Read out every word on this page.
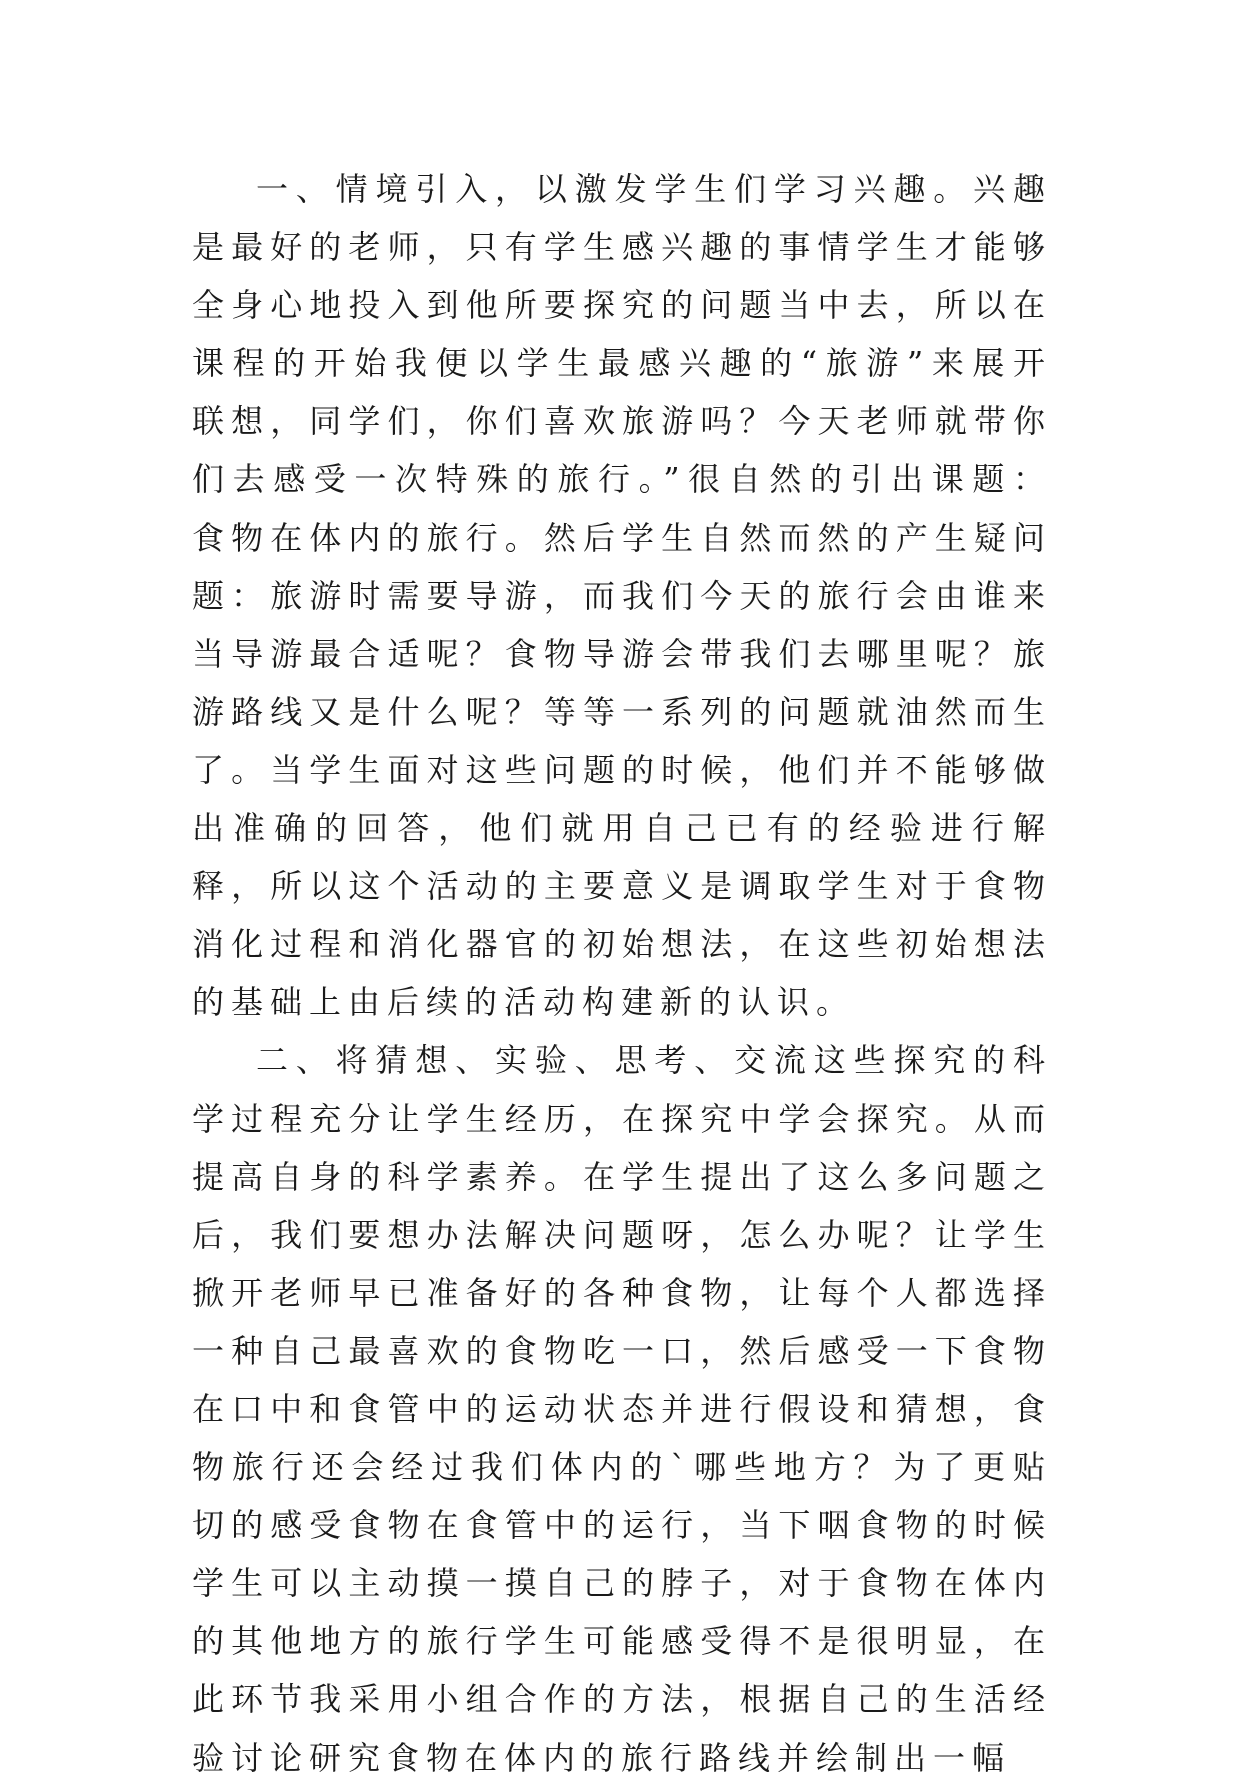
一、情境引入，以激发学生们学习兴趣。兴趣是最好的老师，只有学生感兴趣的事情学生才能够全身心地投入到他所要探究的问题当中去，所以在课程的开始我便以学生最感兴趣的“旅游”来展开联想，同学们，你们喜欢旅游吗？今天老师就带你们去感受一次特殊的旅行。”很自然的引出课题：食物在体内的旅行。然后学生自然而然的产生疑问题：旅游时需要导游，而我们今天的旅行会由谁来当导游最合适呢？食物导游会带我们去哪里呢？旅游路线又是什么呢？等等一系列的问题就油然而生了。当学生面对这些问题的时候，他们并不能够做出准确的回答，他们就用自己已有的经验进行解释，所以这个活动的主要意义是调取学生对于食物消化过程和消化器官的初始想法，在这些初始想法的基础上由后续的活动构建新的认识。

二、将猜想、实验、思考、交流这些探究的科学过程充分让学生经历，在探究中学会探究。从而提高自身的科学素养。在学生提出了这么多问题之后，我们要想办法解决问题呀，怎么办呢？让学生掀开老师早已准备好的各种食物，让每个人都选择一种自己最喜欢的食物吃一口，然后感受一下食物在口中和食管中的运动状态并进行假设和猜想，食物旅行还会经过我们体内的`哪些地方？为了更贴切的感受食物在食管中的运行，当下咽食物的时候学生可以主动摸一摸自己的脖子，对于食物在体内的其他地方的旅行学生可能感受得不是很明显，在此环节我采用小组合作的方法，根据自己的生活经验讨论研究食物在体内的旅行路线并绘制出一幅
